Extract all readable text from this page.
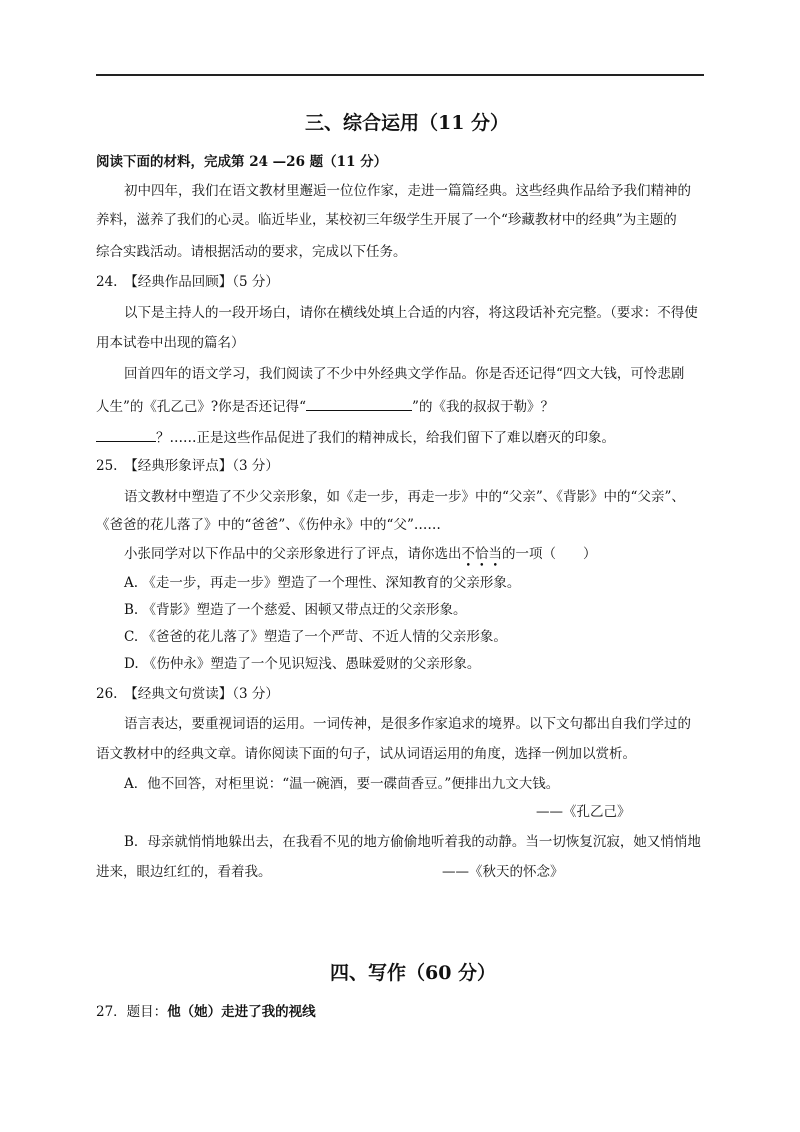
三、综合运用（11 分）
阅读下面的材料，完成第 24 —26 题（11 分）
初中四年，我们在语文教材里邂逅一位位作家，走进一篇篇经典。这些经典作品给予我们精神的
养料，滋养了我们的心灵。临近毕业，某校初三年级学生开展了一个“珍藏教材中的经典”为主题的
综合实践活动。请根据活动的要求，完成以下任务。
24.　【经典作品回顾】（5 分）
以下是主持人的一段开场白，请你在横线处填上合适的内容，将这段话补充完整。（要求：不得使
用本试卷中出现的篇名）
回首四年的语文学习，我们阅读了不少中外经典文学作品。你是否还记得“四文大钱，可怜悲剧
人生”的《孔乙己》?你是否还记得“	”的《我的叔叔于勒》？
？……正是这些作品促进了我们的精神成长，给我们留下了难以磨灭的印象。
25.　【经典形象评点】（3 分）
语文教材中塑造了不少父亲形象，如《走一步，再走一步》中的“父亲”、《背影》中的“父亲”、
《爸爸的花儿落了》中的“爸爸”、《伤仲永》中的“父”……
小张同学对以下作品中的父亲形象进行了评点，请你选出不恰当的一项（　　）
A. 《走一步，再走一步》塑造了一个理性、深知教育的父亲形象。
B. 《背影》塑造了一个慈爱、困顿又带点迂的父亲形象。
C. 《爸爸的花儿落了》塑造了一个严苛、不近人情的父亲形象。
D. 《伤仲永》塑造了一个见识短浅、愚昧爱财的父亲形象。
26.　【经典文句赏读】（3 分）
语言表达，要重视词语的运用。一词传神，是很多作家追求的境界。以下文句都出自我们学过的
语文教材中的经典文章。请你阅读下面的句子，试从词语运用的角度，选择一例加以赏析。
A．他不回答，对柜里说：“温一碗酒，要一碟茴香豆。”便排出九文大钱。
——《孔乙己》
B．母亲就悄悄地躲出去，在我看不见的地方偷偷地听着我的动静。当一切恢复沉寂，她又悄悄地
进来，眼边红红的，看着我。	——《秋天的怀念》
四、写作（60 分）
27．题目：他（她）走进了我的视线
